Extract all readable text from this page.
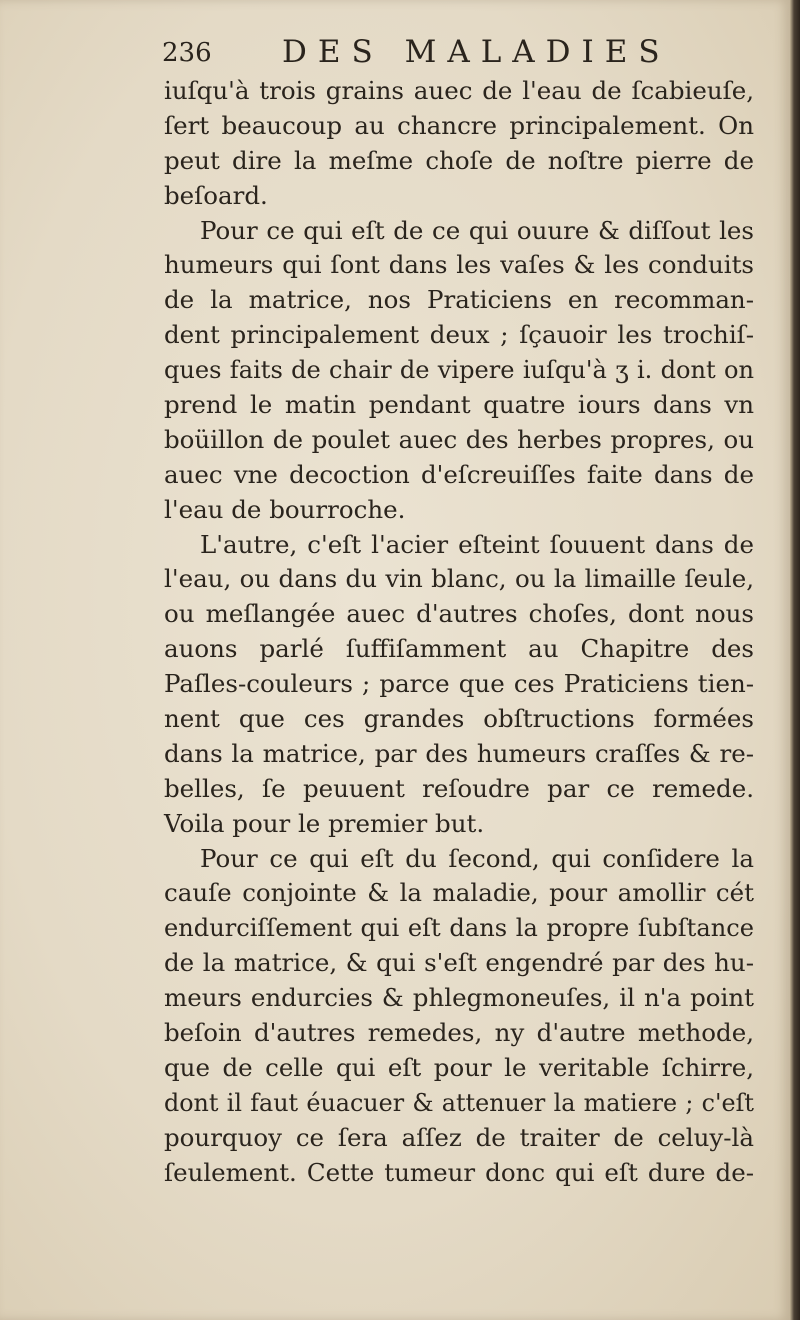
236 DES MALADIES
iuſqu'à trois grains auec de l'eau de ſcabieuſe,
ſert beaucoup au chancre principalement. On
peut dire la meſme choſe de noſtre pierre de
beſoard.
Pour ce qui eſt de ce qui ouure & diſſout les
humeurs qui ſont dans les vaſes & les conduits
de la matrice, nos Praticiens en recomman-
dent principalement deux ; ſçauoir les trochiſ-
ques faits de chair de vipere iuſqu'à ʒ i. dont on
prend le matin pendant quatre iours dans vn
boüillon de poulet auec des herbes propres, ou
auec vne decoction d'eſcreuiſſes faite dans de
l'eau de bourroche.
L'autre, c'eſt l'acier eſteint ſouuent dans de
l'eau, ou dans du vin blanc, ou la limaille ſeule,
ou meſlangée auec d'autres choſes, dont nous
auons parlé ſuffiſamment au Chapitre des
Paſles-couleurs ; parce que ces Praticiens tien-
nent que ces grandes obſtructions formées
dans la matrice, par des humeurs craſſes & re-
belles, ſe peuuent reſoudre par ce remede.
Voila pour le premier but.
Pour ce qui eſt du ſecond, qui conſidere la
cauſe conjointe & la maladie, pour amollir cét
endurciſſement qui eſt dans la propre ſubſtance
de la matrice, & qui s'eſt engendré par des hu-
meurs endurcies & phlegmoneuſes, il n'a point
beſoin d'autres remedes, ny d'autre methode,
que de celle qui eſt pour le veritable ſchirre,
dont il faut éuacuer & attenuer la matiere ; c'eſt
pourquoy ce ſera aſſez de traiter de celuy-là
ſeulement. Cette tumeur donc qui eſt dure de-
